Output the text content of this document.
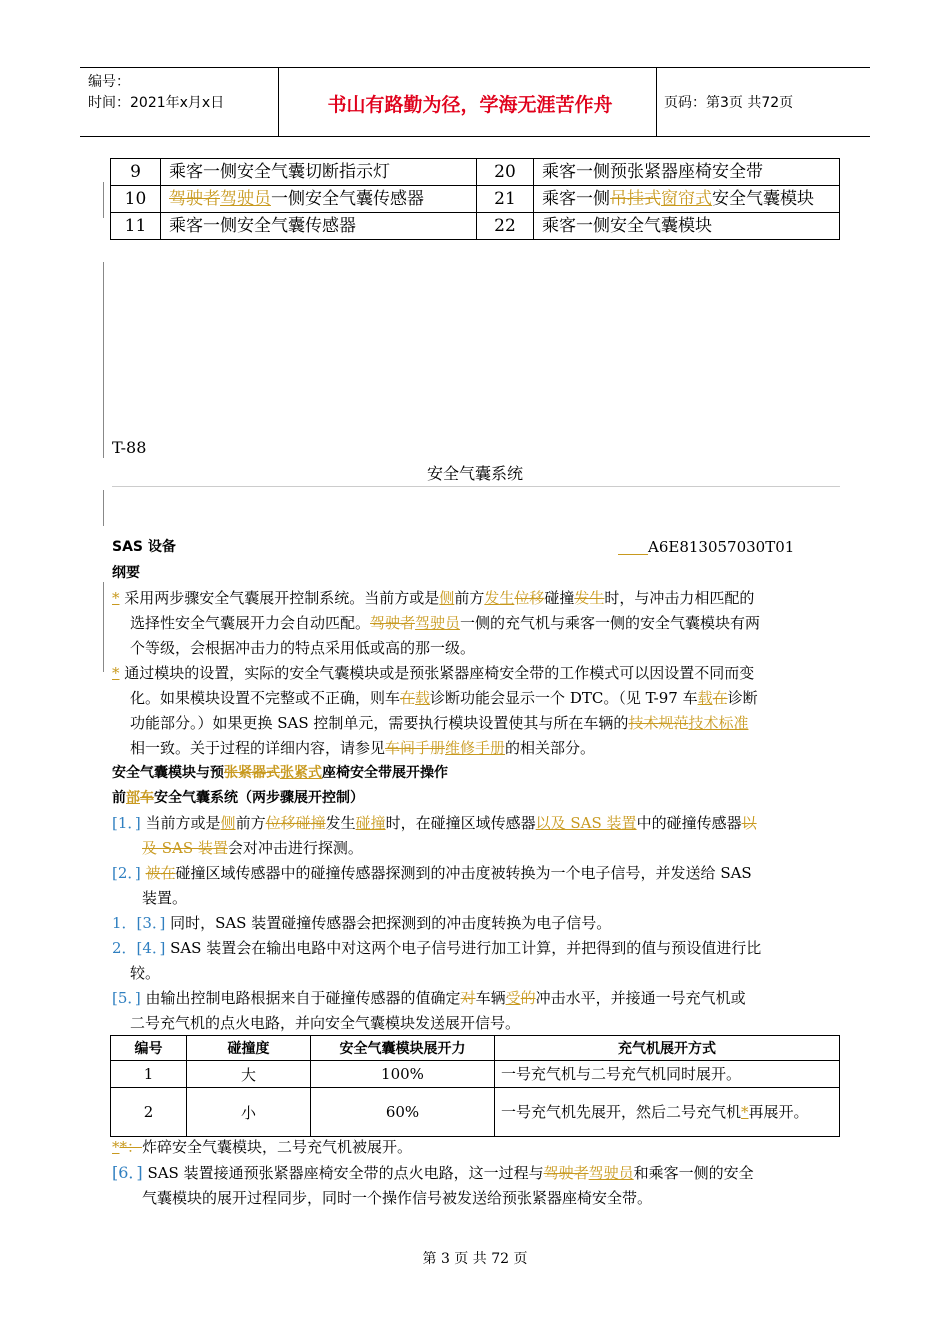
编号：
时间：2021年x月x日	书山有路勤为径，学海无涯苦作舟	页码：第3页 共72页
9	乘客一侧安全气囊切断指示灯	20	乘客一侧预张紧器座椅安全带
10	驾驶者驾驶员一侧安全气囊传感器	21	乘客一侧吊挂式窗帘式安全气囊模块
11	乘客一侧安全气囊传感器	22	乘客一侧安全气囊模块
T-88
安全气囊系统
SAS 设备	A6E813057030T01
纲要
* 采用两步骤安全气囊展开控制系统。当前方或是侧前方发生位移碰撞发生时，与冲击力相匹配的
选择性安全气囊展开力会自动匹配。驾驶者驾驶员一侧的充气机与乘客一侧的安全气囊模块有两
个等级，会根据冲击力的特点采用低或高的那一级。
* 通过模块的设置，实际的安全气囊模块或是预张紧器座椅安全带的工作模式可以因设置不同而变
化。如果模块设置不完整或不正确，则车在载诊断功能会显示一个 DTC。（见 T-97 车载在诊断
功能部分。）如果更换 SAS 控制单元，需要执行模块设置使其与所在车辆的技术规范技术标准
相一致。关于过程的详细内容，请参见车间手册维修手册的相关部分。
安全气囊模块与预张紧器式张紧式座椅安全带展开操作
前部车安全气囊系统（两步骤展开控制）
[1．] 当前方或是侧前方位移碰撞发生碰撞时，在碰撞区域传感器以及 SAS 装置中的碰撞传感器以
及 SAS 装置会对冲击进行探测。
[2．] 被在碰撞区域传感器中的碰撞传感器探测到的冲击度被转换为一个电子信号，并发送给 SAS
装置。
1．[3．] 同时，SAS 装置碰撞传感器会把探测到的冲击度转换为电子信号。
2．[4．] SAS 装置会在输出电路中对这两个电子信号进行加工计算，并把得到的值与预设值进行比
较。
[5．] 由输出控制电路根据来自于碰撞传感器的值确定对车辆受的冲击水平，并接通一号充气机或
二号充气机的点火电路，并向安全气囊模块发送展开信号。
编号	碰撞度	安全气囊模块展开力	充气机展开方式
1	大	100%	一号充气机与二号充气机同时展开。
2	小	60%	一号充气机先展开，然后二号充气机*再展开。
**：炸碎安全气囊模块，二号充气机被展开。
[6．] SAS 装置接通预张紧器座椅安全带的点火电路，这一过程与驾驶者驾驶员和乘客一侧的安全
气囊模块的展开过程同步，同时一个操作信号被发送给预张紧器座椅安全带。
第 3 页 共 72 页
